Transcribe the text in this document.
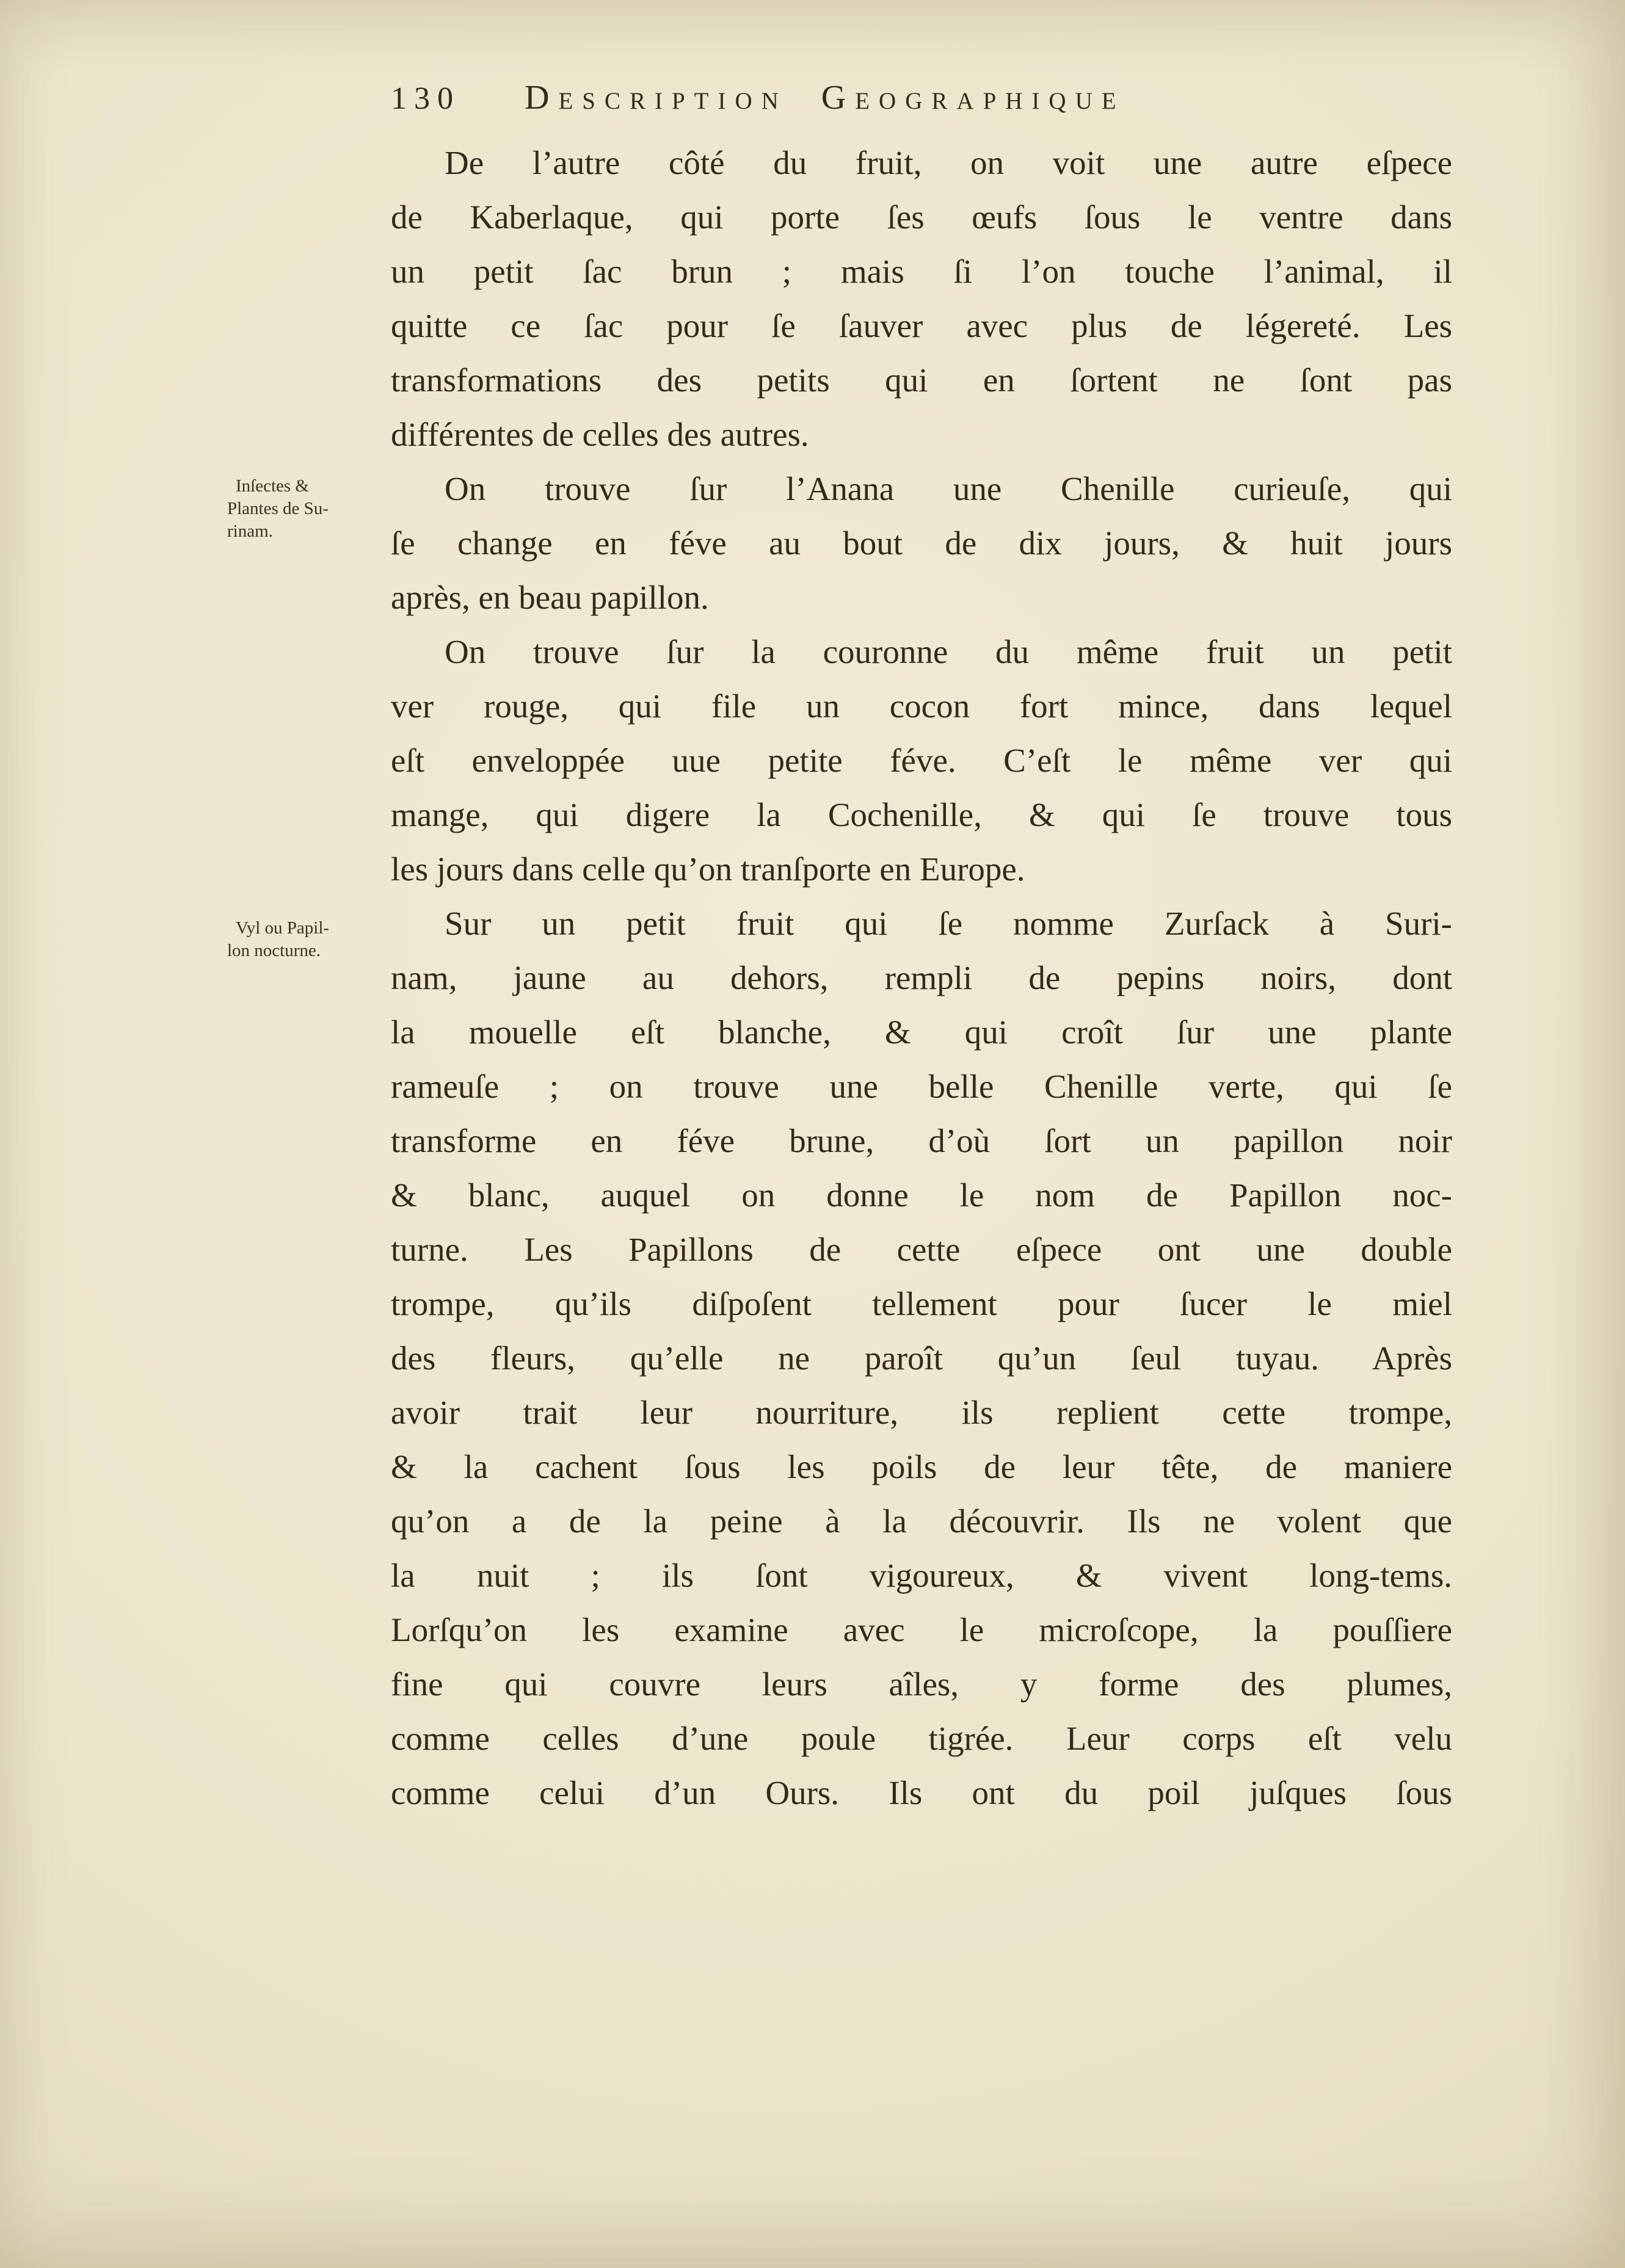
130 Description Geographique
Inſectes &
Plantes de Su-
rinam.
Vyl ou Papil-
lon nocturne.
De l’autre côté du fruit, on voit une autre eſpece
de Kaberlaque, qui porte ſes œufs ſous le ventre dans
un petit ſac brun ; mais ſi l’on touche l’animal, il
quitte ce ſac pour ſe ſauver avec plus de légereté. Les
transformations des petits qui en ſortent ne ſont pas
différentes de celles des autres.
On trouve ſur l’Anana une Chenille curieuſe, qui
ſe change en féve au bout de dix jours, & huit jours
après, en beau papillon.
On trouve ſur la couronne du même fruit un petit
ver rouge, qui file un cocon fort mince, dans lequel
eſt enveloppée uue petite féve. C’eſt le même ver qui
mange, qui digere la Cochenille, & qui ſe trouve tous
les jours dans celle qu’on tranſporte en Europe.
Sur un petit fruit qui ſe nomme Zurſack à Suri-
nam, jaune au dehors, rempli de pepins noirs, dont
la mouelle eſt blanche, & qui croît ſur une plante
rameuſe ; on trouve une belle Chenille verte, qui ſe
transforme en féve brune, d’où ſort un papillon noir
& blanc, auquel on donne le nom de Papillon noc-
turne. Les Papillons de cette eſpece ont une double
trompe, qu’ils diſpoſent tellement pour ſucer le miel
des fleurs, qu’elle ne paroît qu’un ſeul tuyau. Après
avoir trait leur nourriture, ils replient cette trompe,
& la cachent ſous les poils de leur tête, de maniere
qu’on a de la peine à la découvrir. Ils ne volent que
la nuit ; ils ſont vigoureux, & vivent long-tems.
Lorſqu’on les examine avec le microſcope, la pouſſiere
fine qui couvre leurs aîles, y forme des plumes,
comme celles d’une poule tigrée. Leur corps eſt velu
comme celui d’un Ours. Ils ont du poil juſques ſous
